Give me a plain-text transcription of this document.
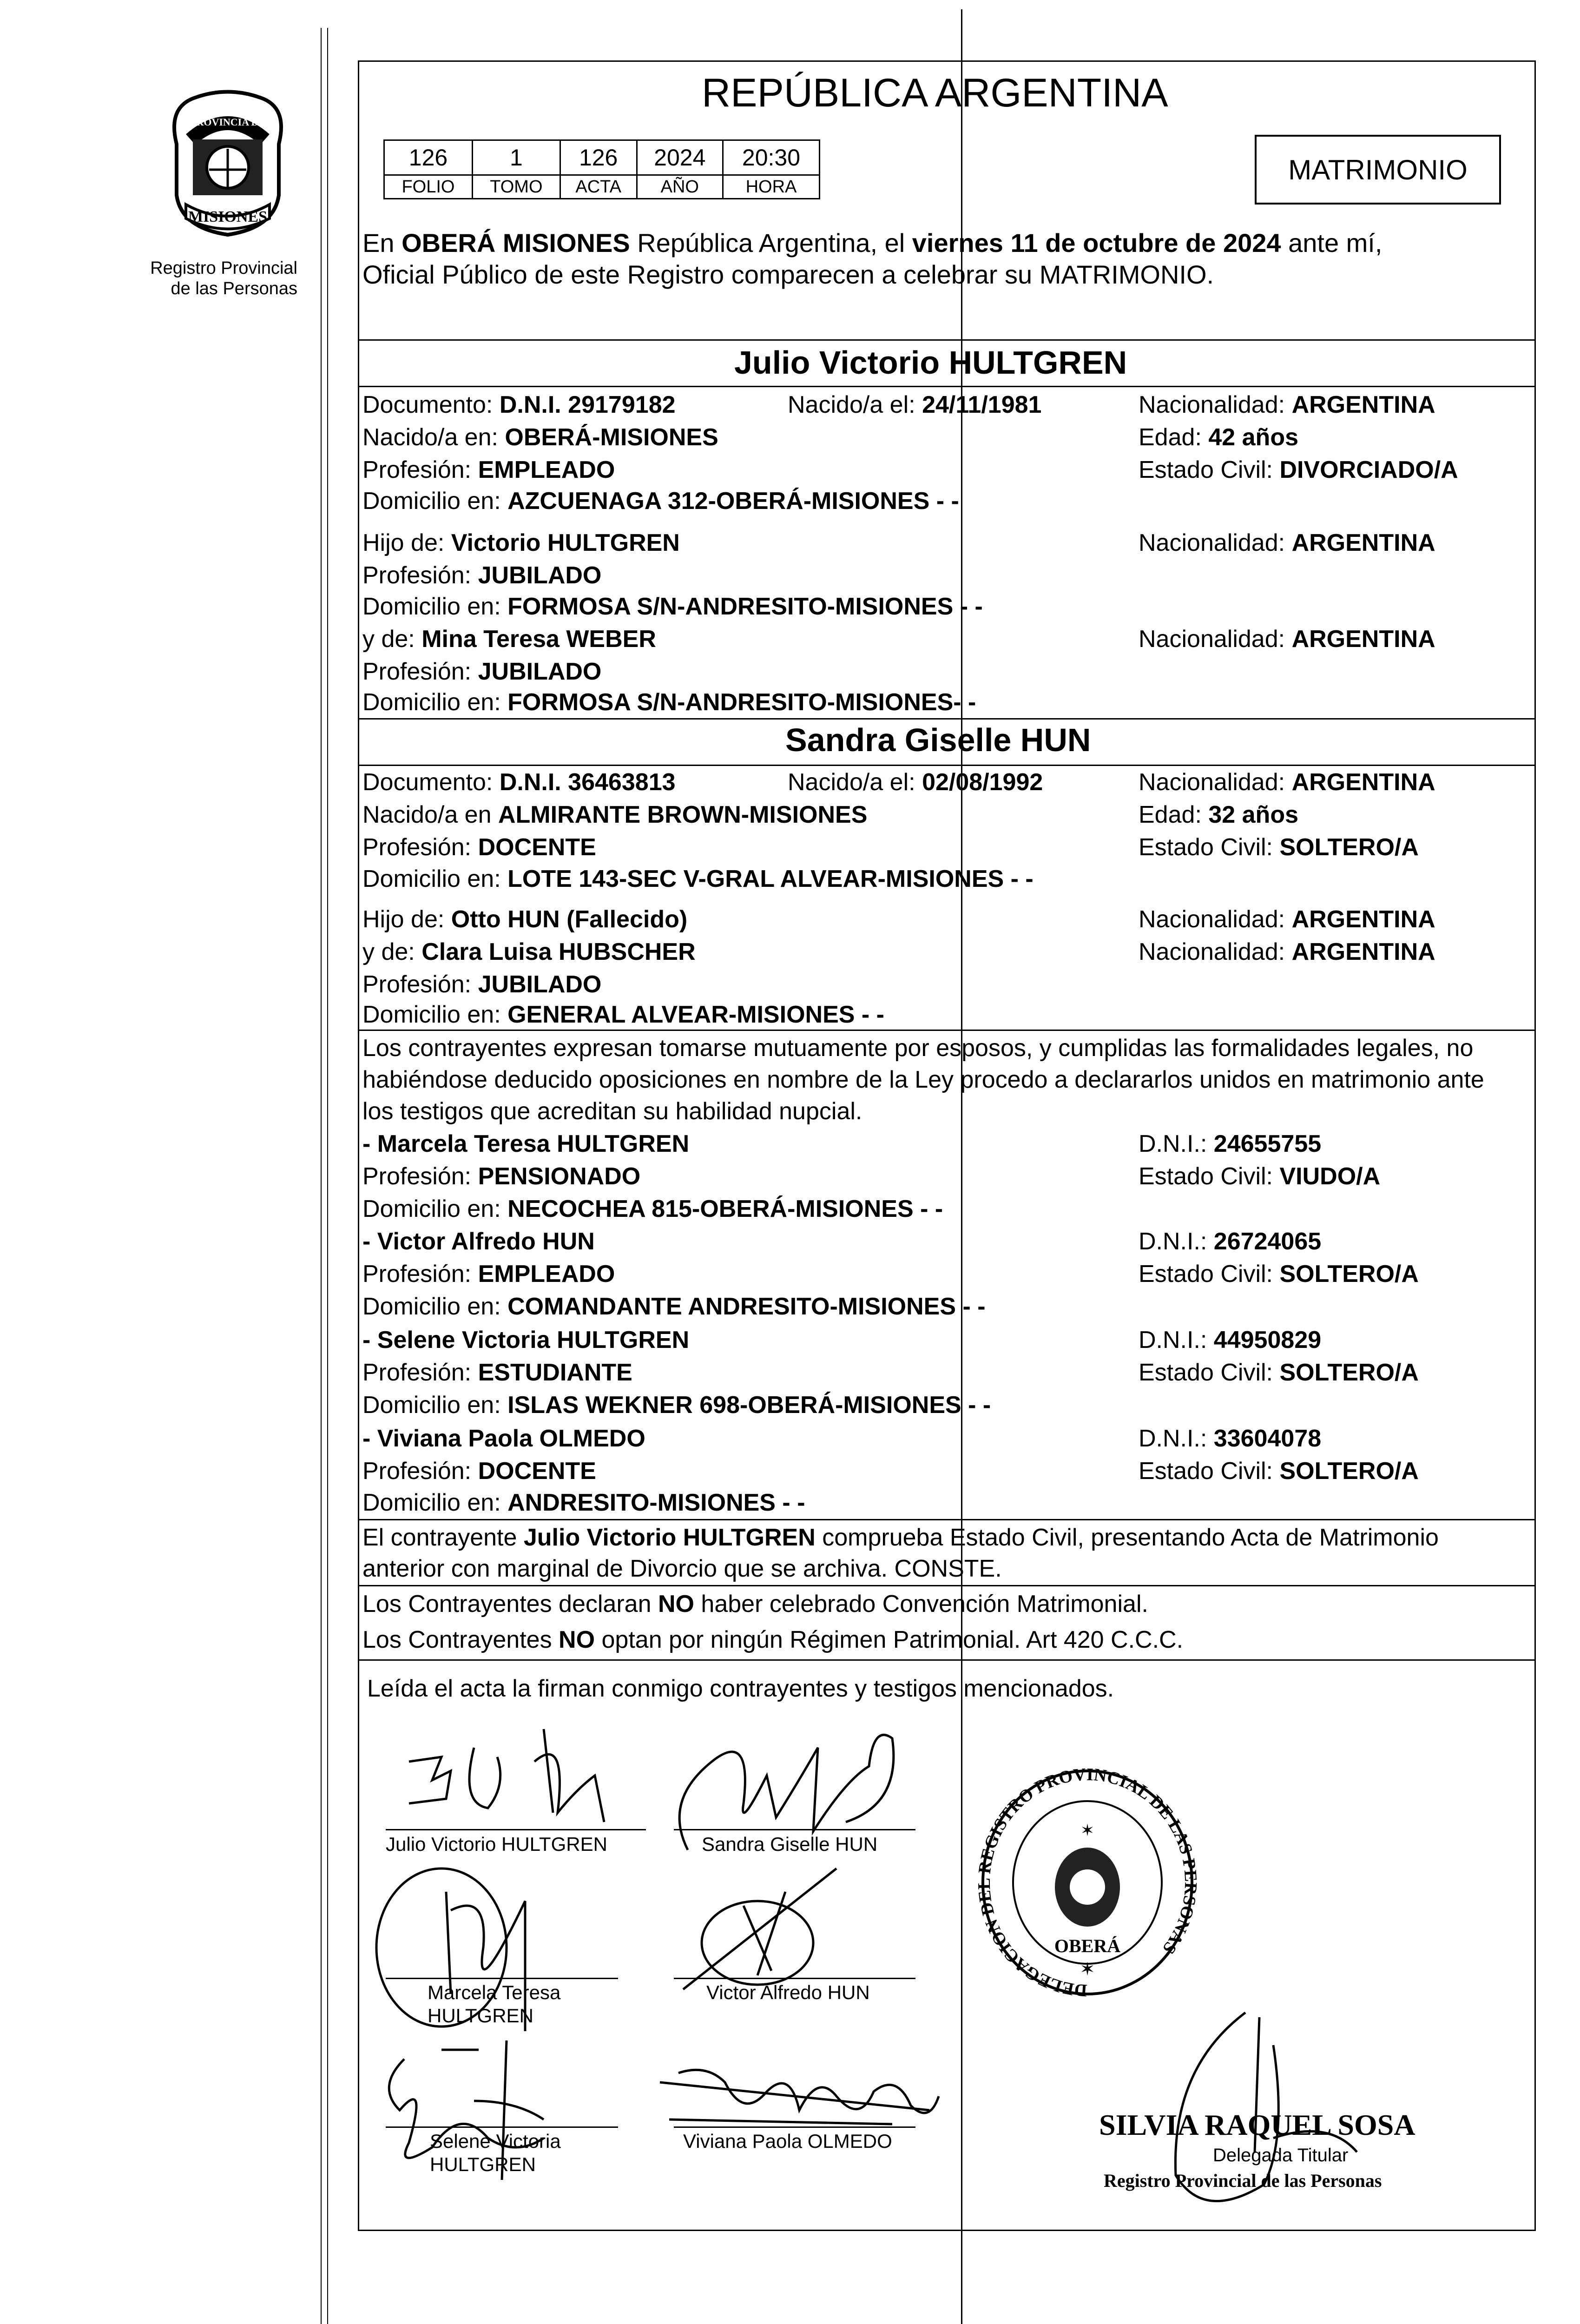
MISIONES
PROVINCIA DE
Registro Provincial
de las Personas
REPÚBLICA ARGENTINA
126	1	126	2024	20:30
FOLIO	TOMO	ACTA	AÑO	HORA
MATRIMONIO
En OBERÁ MISIONES República Argentina, el viernes 11 de octubre de 2024 ante mí,
Oficial Público de este Registro comparecen a celebrar su MATRIMONIO.
Julio Victorio HULTGREN
Documento: D.N.I. 29179182	Nacido/a el: 24/11/1981	Nacionalidad: ARGENTINA
Nacido/a en: OBERÁ-MISIONES	Edad: 42 años
Profesión: EMPLEADO	Estado Civil: DIVORCIADO/A
Domicilio en: AZCUENAGA 312-OBERÁ-MISIONES - -
Hijo de: Victorio HULTGREN	Nacionalidad: ARGENTINA
Profesión: JUBILADO
Domicilio en: FORMOSA S/N-ANDRESITO-MISIONES - -
y de: Mina Teresa WEBER	Nacionalidad: ARGENTINA
Profesión: JUBILADO
Domicilio en: FORMOSA S/N-ANDRESITO-MISIONES- -
Sandra Giselle HUN
Documento: D.N.I. 36463813	Nacido/a el: 02/08/1992	Nacionalidad: ARGENTINA
Nacido/a en ALMIRANTE BROWN-MISIONES	Edad: 32 años
Profesión: DOCENTE	Estado Civil: SOLTERO/A
Domicilio en: LOTE 143-SEC V-GRAL ALVEAR-MISIONES - -
Hijo de: Otto HUN (Fallecido)	Nacionalidad: ARGENTINA
y de: Clara Luisa HUBSCHER	Nacionalidad: ARGENTINA
Profesión: JUBILADO
Domicilio en: GENERAL ALVEAR-MISIONES - -
Los contrayentes expresan tomarse mutuamente por esposos, y cumplidas las formalidades legales, no
habiéndose deducido oposiciones en nombre de la Ley procedo a declararlos unidos en matrimonio ante
los testigos que acreditan su habilidad nupcial.
- Marcela Teresa HULTGREN	D.N.I.: 24655755
Profesión: PENSIONADO	Estado Civil: VIUDO/A
Domicilio en: NECOCHEA 815-OBERÁ-MISIONES - -
- Victor Alfredo HUN	D.N.I.: 26724065
Profesión: EMPLEADO	Estado Civil: SOLTERO/A
Domicilio en: COMANDANTE ANDRESITO-MISIONES - -
- Selene Victoria HULTGREN	D.N.I.: 44950829
Profesión: ESTUDIANTE	Estado Civil: SOLTERO/A
Domicilio en: ISLAS WEKNER 698-OBERÁ-MISIONES - -
- Viviana Paola OLMEDO	D.N.I.: 33604078
Profesión: DOCENTE	Estado Civil: SOLTERO/A
Domicilio en: ANDRESITO-MISIONES - -
El contrayente Julio Victorio HULTGREN comprueba Estado Civil, presentando Acta de Matrimonio
anterior con marginal de Divorcio que se archiva. CONSTE.
Los Contrayentes declaran NO haber celebrado Convención Matrimonial.
Los Contrayentes NO optan por ningún Régimen Patrimonial. Art 420 C.C.C.
Leída el acta la firman conmigo contrayentes y testigos mencionados.
Julio Victorio HULTGREN	Sandra Giselle HUN
Marcela Teresa
HULTGREN
Victor Alfredo HUN
Selene Victoria
HULTGREN
Viviana Paola OLMEDO
DELEGACION DEL REGISTRO PROVINCIAL DE LAS PERSONAS
OBERÁ
✶
✶
SILVIA RAQUEL SOSA
Delegada Titular
Registro Provincial de las Personas
